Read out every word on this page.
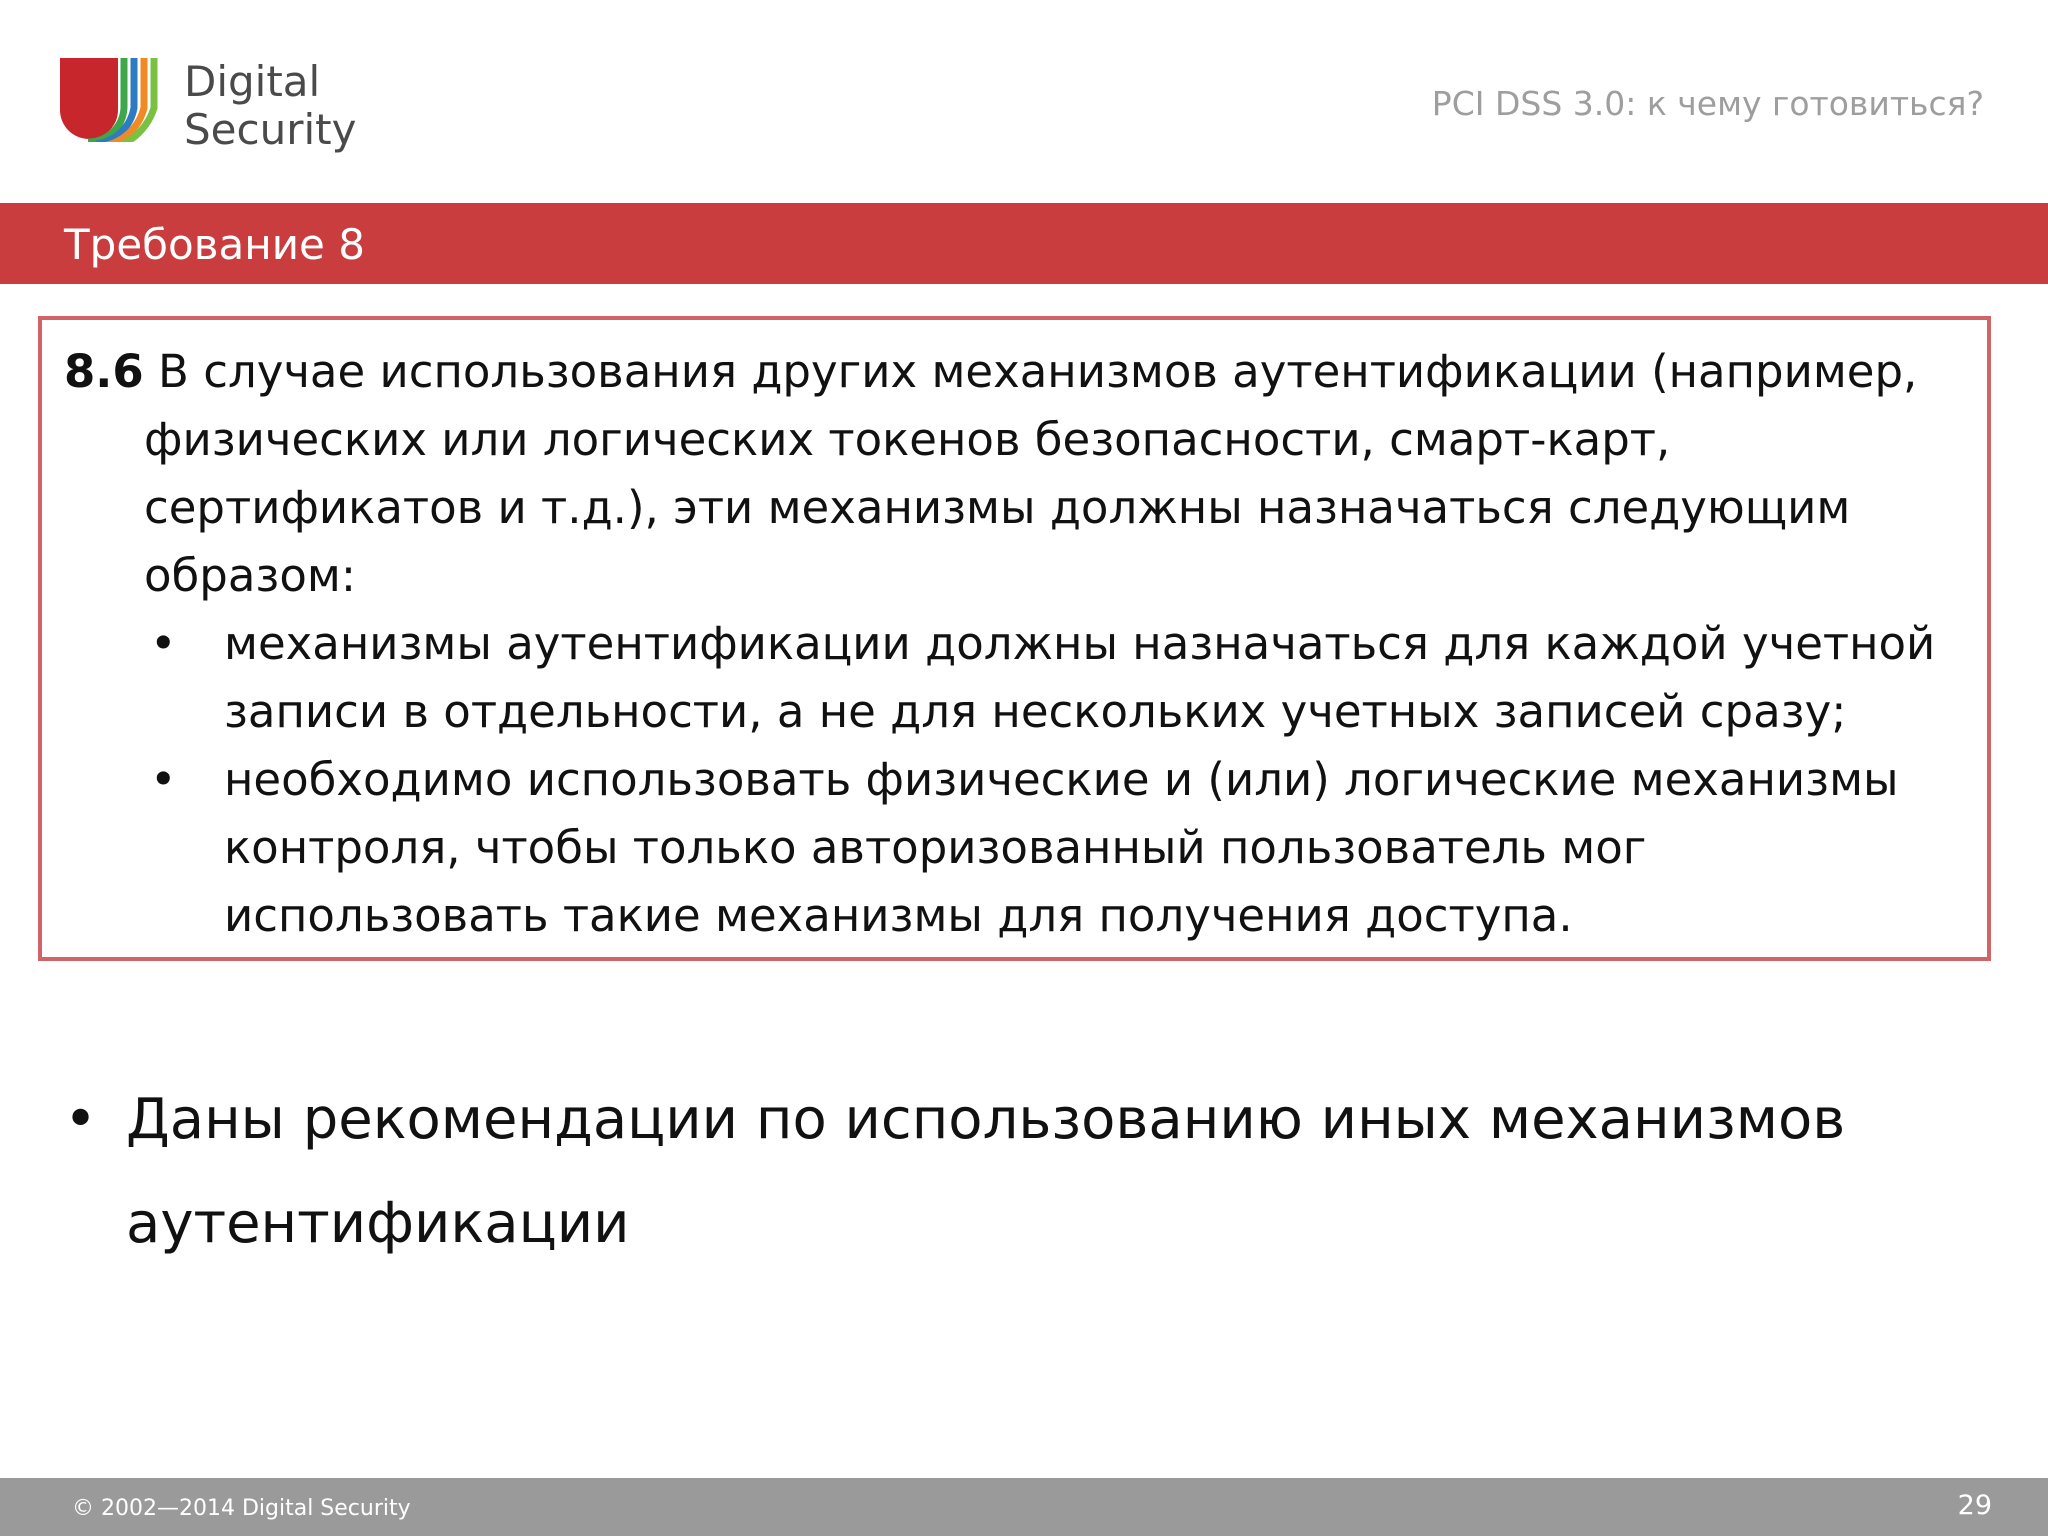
Digital
Security
PCI DSS 3.0: к чему готовиться?
Требование 8

8.6 В случае использования других механизмов аутентификации (например,
физических или логических токенов безопасности, смарт-карт,
сертификатов и т.д.), эти механизмы должны назначаться следующим
образом:

• механизмы аутентификации должны назначаться для каждой учетной
записи в отдельности, а не для нескольких учетных записей сразу;
• необходимо использовать физические и (или) логические механизмы
контроля, чтобы только авторизованный пользователь мог
использовать такие механизмы для получения доступа.
• Даны рекомендации по использованию иных механизмов
аутентификации
© 2002—2014 Digital Security	29
